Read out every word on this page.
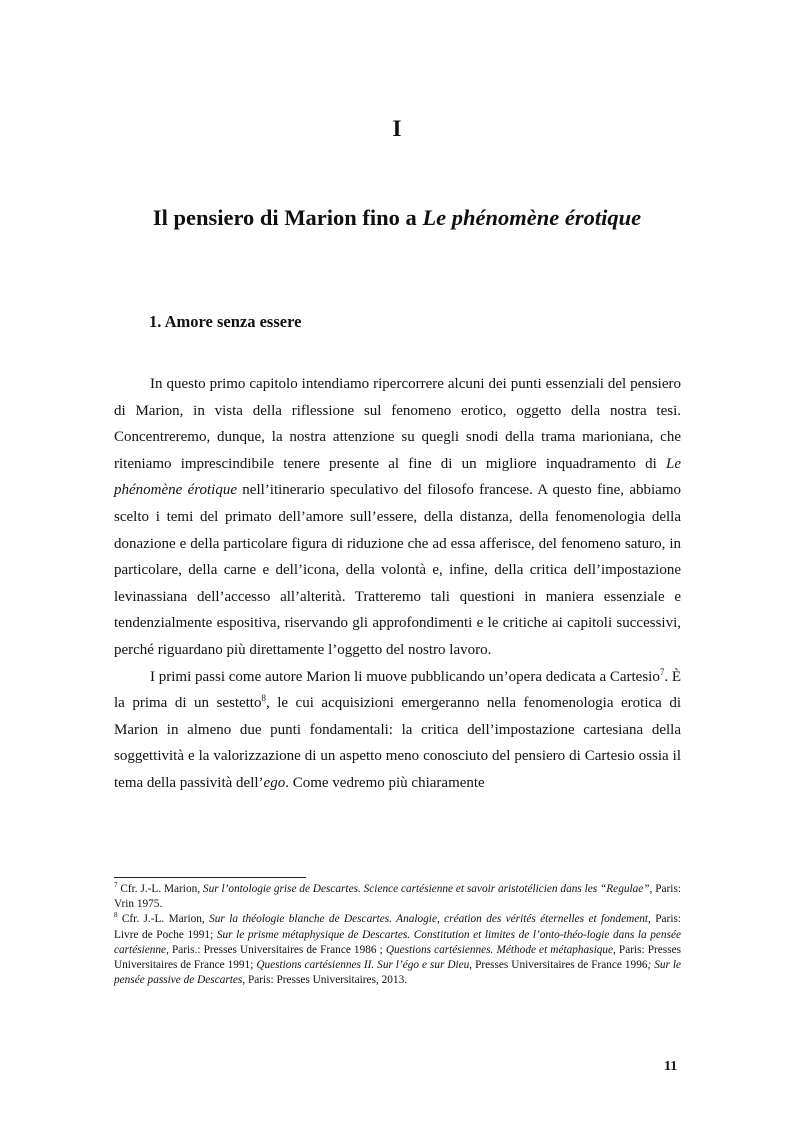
I
Il pensiero di Marion fino a Le phénomène érotique
1. Amore senza essere

In questo primo capitolo intendiamo ripercorrere alcuni dei punti essenziali del pensiero di Marion, in vista della riflessione sul fenomeno erotico, oggetto della nostra tesi. Concentreremo, dunque, la nostra attenzione su quegli snodi della trama marioniana, che riteniamo imprescindibile tenere presente al fine di un migliore inquadramento di Le phénomène érotique nell’itinerario speculativo del filosofo francese. A questo fine, abbiamo scelto i temi del primato dell’amore sull’essere, della distanza, della fenomenologia della donazione e della particolare figura di riduzione che ad essa afferisce, del fenomeno saturo, in particolare, della carne e dell’icona, della volontà e, infine, della critica dell’impostazione levinassiana dell’accesso all’alterità. Tratteremo tali questioni in maniera essenziale e tendenzialmente espositiva, riservando gli approfondimenti e le critiche ai capitoli successivi, perché riguardano più direttamente l’oggetto del nostro lavoro.

I primi passi come autore Marion li muove pubblicando un’opera dedicata a Cartesio$^7$. È la prima di un sestetto$^8$, le cui acquisizioni emergeranno nella fenomenologia erotica di Marion in almeno due punti fondamentali: la critica dell’impostazione cartesiana della soggettività e la valorizzazione di un aspetto meno conosciuto del pensiero di Cartesio ossia il tema della passività dell’ego. Come vedremo più chiaramente

$^7$ Cfr. J.-L. Marion, Sur l’ontologie grise de Descartes. Science cartésienne et savoir aristotélicien dans les “Regulae”, Paris: Vrin 1975.

$^8$ Cfr. J.-L. Marion, Sur la théologie blanche de Descartes. Analogie, création des vérités éternelles et fondement, Paris: Livre de Poche 1991; Sur le prisme métaphysique de Descartes. Constitution et limites de l’onto-théo-logie dans la pensée cartésienne, Paris.: Presses Universitaires de France 1986 ; Questions cartésiennes. Méthode et métaphasique, Paris: Presses Universitaires de France 1991; Questions cartésiennes II. Sur l’égo e sur Dieu, Presses Universitaires de France 1996; Sur le pensée passive de Descartes, Paris: Presses Universitaires, 2013.

11
